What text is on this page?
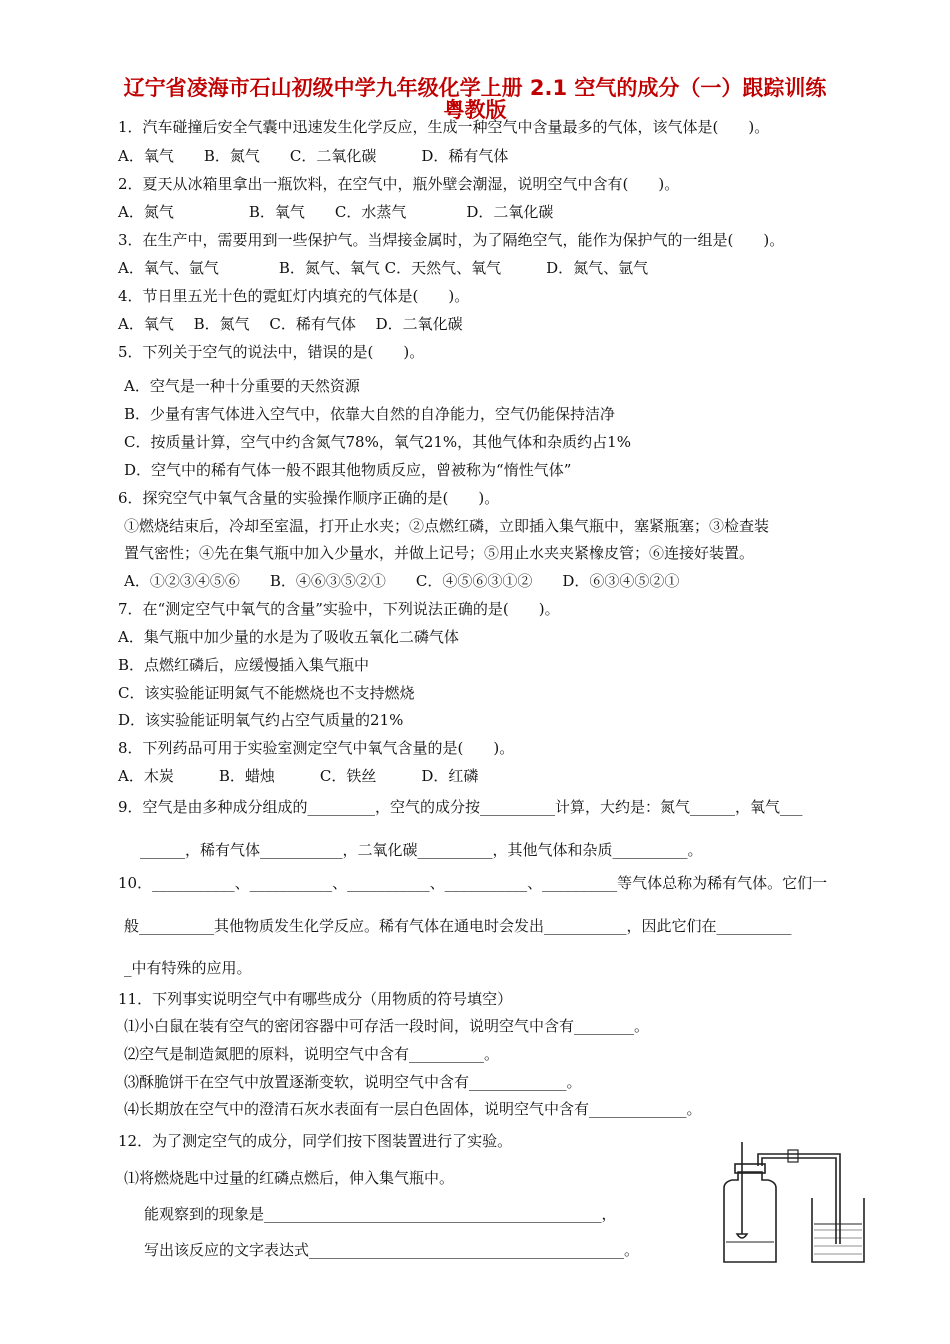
辽宁省凌海市石山初级中学九年级化学上册 2.1 空气的成分（一）跟踪训练
粤教版
1．汽车碰撞后安全气囊中迅速发生化学反应，生成一种空气中含量最多的气体，该气体是(　　)。
A．氧气　　B．氮气　　C．二氧化碳　　　D．稀有气体
2．夏天从冰箱里拿出一瓶饮料，在空气中，瓶外壁会潮湿，说明空气中含有(　　)。
A．氮气　　　　　B．氧气　　C．水蒸气　　　　D．二氧化碳
3．在生产中，需要用到一些保护气。当焊接金属时，为了隔绝空气，能作为保护气的一组是(　　)。
A．氧气、氩气　　　　B．氮气、氧气 C．天然气、氧气　　　D．氮气、氩气
4．节日里五光十色的霓虹灯内填充的气体是(　　)。
A．氧气　 B．氮气　 C．稀有气体　 D．二氧化碳
5．下列关于空气的说法中，错误的是(　　)。
A．空气是一种十分重要的天然资源
B．少量有害气体进入空气中，依靠大自然的自净能力，空气仍能保持洁净
C．按质量计算，空气中约含氮气78%，氧气21%，其他气体和杂质约占1%
D．空气中的稀有气体一般不跟其他物质反应，曾被称为“惰性气体”
6．探究空气中氧气含量的实验操作顺序正确的是(　　)。
①燃烧结束后，冷却至室温，打开止水夹；②点燃红磷，立即插入集气瓶中，塞紧瓶塞；③检查装
置气密性；④先在集气瓶中加入少量水，并做上记号；⑤用止水夹夹紧橡皮管；⑥连接好装置。
A．①②③④⑤⑥　　B．④⑥③⑤②①　　C．④⑤⑥③①②　　D．⑥③④⑤②①
7．在“测定空气中氧气的含量”实验中，下列说法正确的是(　　)。
A．集气瓶中加少量的水是为了吸收五氧化二磷气体
B．点燃红磷后，应缓慢插入集气瓶中
C．该实验能证明氮气不能燃烧也不支持燃烧
D．该实验能证明氧气约占空气质量的21%
8．下列药品可用于实验室测定空气中氧气含量的是(　　)。
A．木炭　　　B．蜡烛　　　C．铁丝　　　D．红磷
9．空气是由多种成分组成的_________，空气的成分按__________计算，大约是：氮气______，氧气___
______，稀有气体___________，二氧化碳__________，其他气体和杂质__________。
10．___________、___________、___________、___________、__________等气体总称为稀有气体。它们一
般__________其他物质发生化学反应。稀有气体在通电时会发出___________，因此它们在__________
_中有特殊的应用。
11．下列事实说明空气中有哪些成分（用物质的符号填空）
⑴小白鼠在装有空气的密闭容器中可存活一段时间，说明空气中含有________。
⑵空气是制造氮肥的原料，说明空气中含有__________。
⑶酥脆饼干在空气中放置逐渐变软，说明空气中含有_____________。
⑷长期放在空气中的澄清石灰水表面有一层白色固体，说明空气中含有_____________。
12．为了测定空气的成分，同学们按下图装置进行了实验。
⑴将燃烧匙中过量的红磷点燃后，伸入集气瓶中。
能观察到的现象是_____________________________________________，
写出该反应的文字表达式__________________________________________。
